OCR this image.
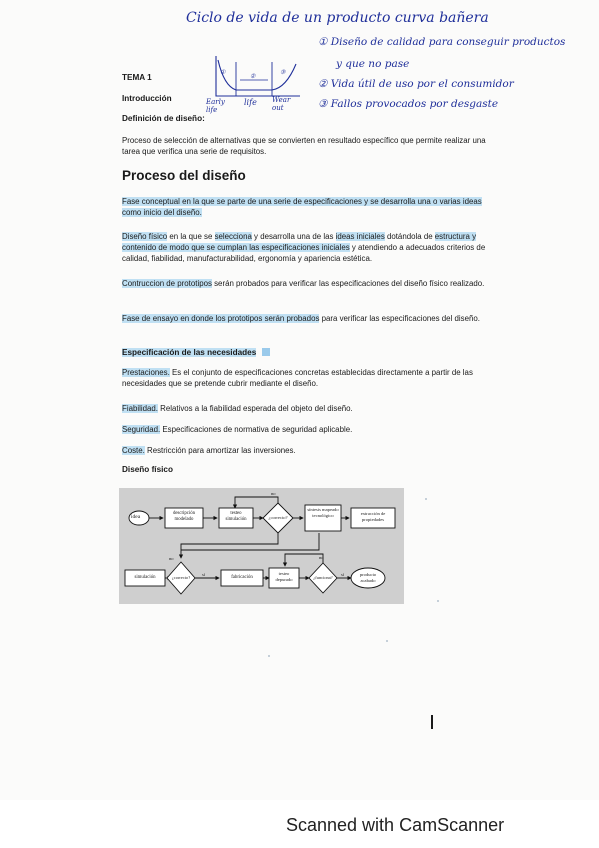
Ciclo de vida de un producto curva bañera
① Diseño de calidad para conseguir productos
y que no pase
② Vida útil de uso por el consumidor
③ Fallos provocados por desgaste
②
①	③
Early life
life Wear out
TEMA 1
Introducción
Definición de diseño:
Proceso de selección de alternativas que se convierten en resultado específico que permite realizar una tarea que verifica una serie de requisitos.
Proceso del diseño
Fase conceptual en la que se parte de una serie de especificaciones y se desarrolla una o varias ideas como inicio del diseño.
Diseño físico en la que se selecciona y desarrolla una de las ideas iniciales dotándola de estructura y contenido de modo que se cumplan las especificaciones iniciales y atendiendo a adecuados criterios de calidad, fiabilidad, manufacturabilidad, ergonomía y apariencia estética.
Contruccion de prototipos serán probados para verificar las especificaciones del diseño físico realizado.
Fase de ensayo en donde los prototipos serán probados para verificar las especificaciones del diseño.
Especificación de las necesidades
Prestaciones. Es el conjunto de especificaciones concretas establecidas directamente a partir de las necesidades que se pretende cubrir mediante el diseño.
Fiabilidad. Relativos a la fiabilidad esperada del objeto del diseño.
Seguridad. Especificaciones de normativa de seguridad aplicable.
Coste. Restricción para amortizar las inversiones.
Diseño físico
idea
descripción modelado
testeo simulación	¿correcto?
síntesis mapeado tecnológico	extracción de propiedades
simulación	¿correcto?	fabricación
testeo depurado	¿funciona?
producto acabado
no
no
sí
no
sí
Scanned with CamScanner
